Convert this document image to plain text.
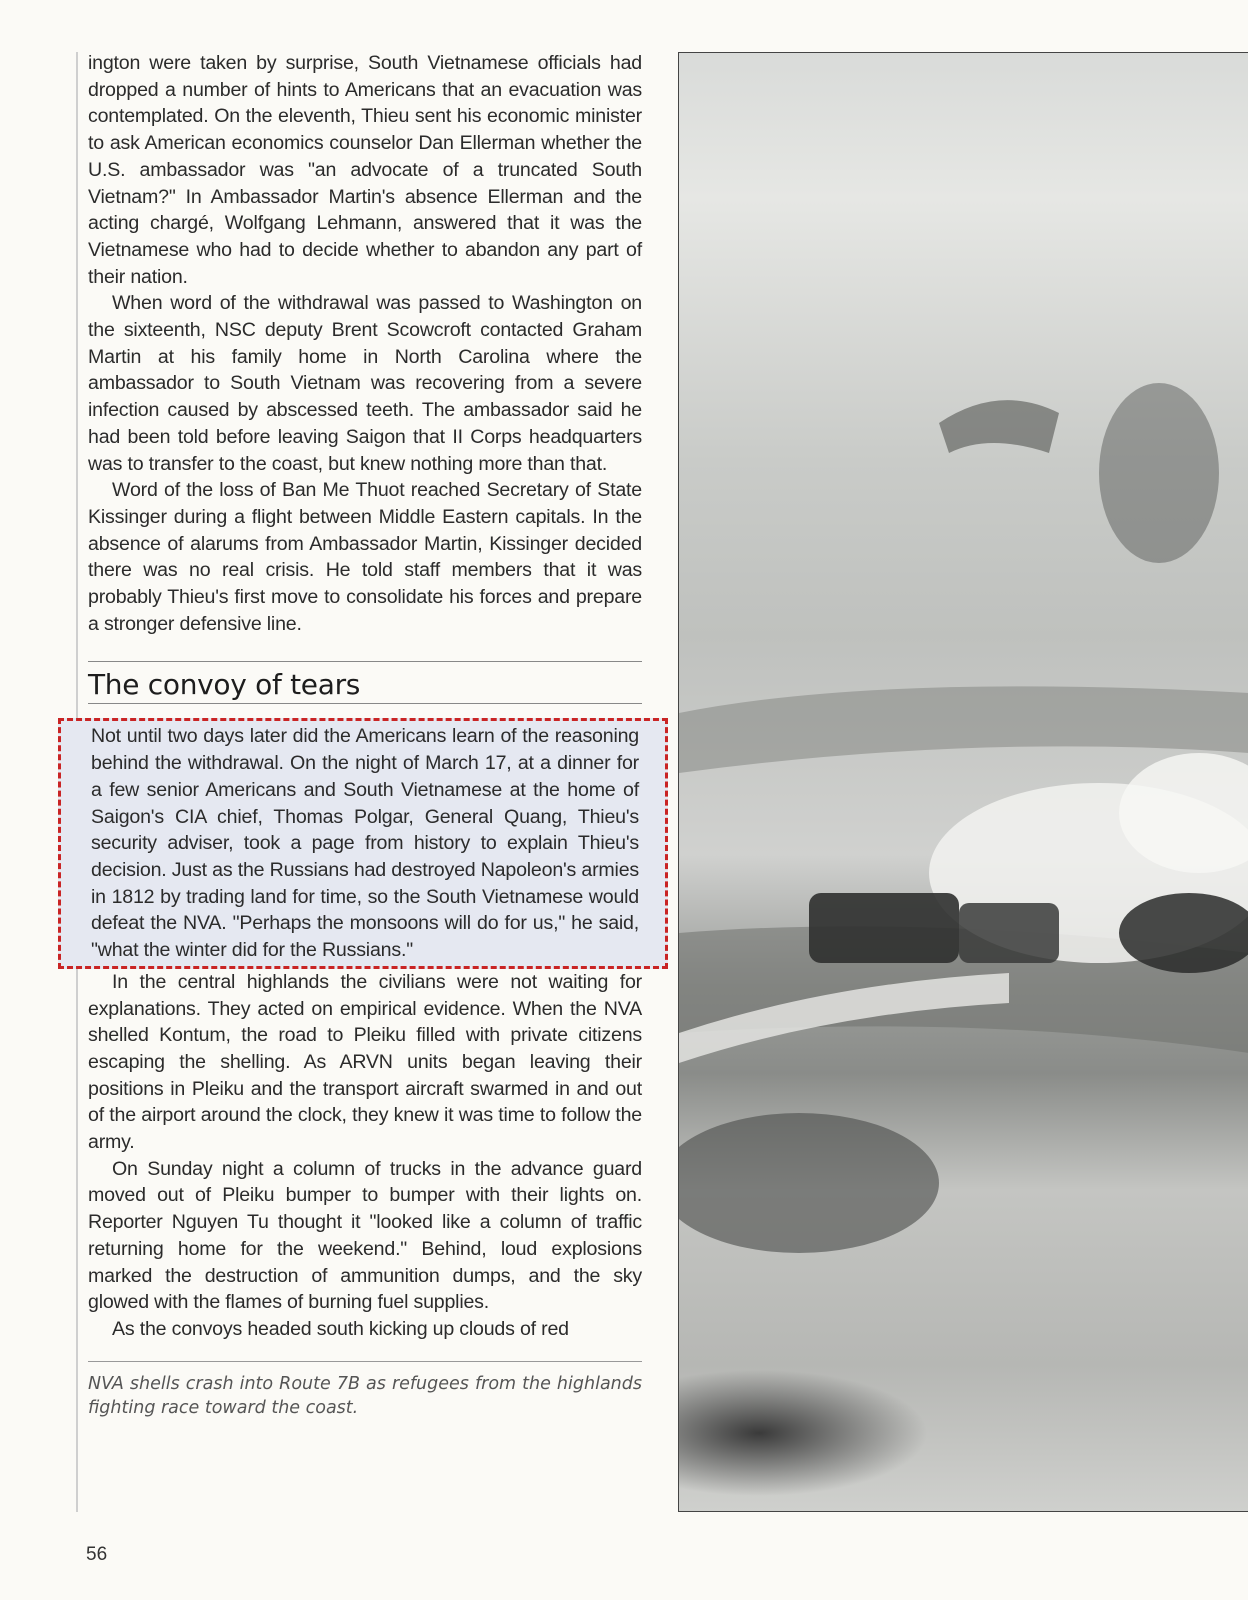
ington were taken by surprise, South Vietnamese officials had dropped a number of hints to Americans that an evacuation was contemplated. On the eleventh, Thieu sent his economic minister to ask American economics counselor Dan Ellerman whether the U.S. ambassador was "an advocate of a truncated South Vietnam?" In Ambassador Martin's absence Ellerman and the acting chargé, Wolfgang Lehmann, answered that it was the Vietnamese who had to decide whether to abandon any part of their nation.

When word of the withdrawal was passed to Washington on the sixteenth, NSC deputy Brent Scowcroft contacted Graham Martin at his family home in North Carolina where the ambassador to South Vietnam was recovering from a severe infection caused by abscessed teeth. The ambassador said he had been told before leaving Saigon that II Corps headquarters was to transfer to the coast, but knew nothing more than that.

Word of the loss of Ban Me Thuot reached Secretary of State Kissinger during a flight between Middle Eastern capitals. In the absence of alarums from Ambassador Martin, Kissinger decided there was no real crisis. He told staff members that it was probably Thieu's first move to consolidate his forces and prepare a stronger defensive line.

The convoy of tears

Not until two days later did the Americans learn of the reasoning behind the withdrawal. On the night of March 17, at a dinner for a few senior Americans and South Vietnamese at the home of Saigon's CIA chief, Thomas Polgar, General Quang, Thieu's security adviser, took a page from history to explain Thieu's decision. Just as the Russians had destroyed Napoleon's armies in 1812 by trading land for time, so the South Vietnamese would defeat the NVA. "Perhaps the monsoons will do for us," he said, "what the winter did for the Russians."

In the central highlands the civilians were not waiting for explanations. They acted on empirical evidence. When the NVA shelled Kontum, the road to Pleiku filled with private citizens escaping the shelling. As ARVN units began leaving their positions in Pleiku and the transport aircraft swarmed in and out of the airport around the clock, they knew it was time to follow the army.

On Sunday night a column of trucks in the advance guard moved out of Pleiku bumper to bumper with their lights on. Reporter Nguyen Tu thought it "looked like a column of traffic returning home for the weekend." Behind, loud explosions marked the destruction of ammunition dumps, and the sky glowed with the flames of burning fuel supplies.

As the convoys headed south kicking up clouds of red

NVA shells crash into Route 7B as refugees from the highlands fighting race toward the coast.
56
